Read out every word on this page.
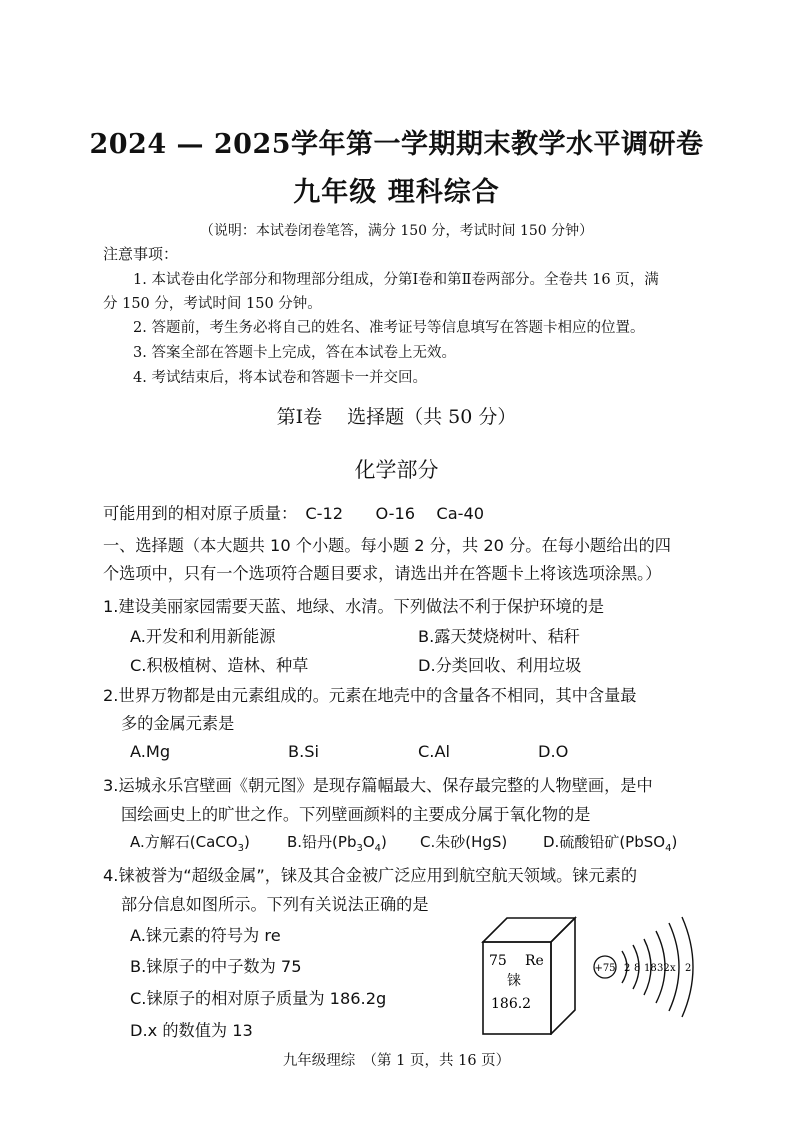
2024 — 2025学年第一学期期末教学水平调研卷
九年级 理科综合
（说明：本试卷闭卷笔答，满分 150 分，考试时间 150 分钟）
注意事项：
1. 本试卷由化学部分和物理部分组成，分第Ⅰ卷和第Ⅱ卷两部分。全卷共 16 页，满
分 150 分，考试时间 150 分钟。
2. 答题前，考生务必将自己的姓名、准考证号等信息填写在答题卡相应的位置。
3. 答案全部在答题卡上完成，答在本试卷上无效。
4. 考试结束后，将本试卷和答题卡一并交回。
第Ⅰ卷　 选择题（共 50 分）
化学部分
可能用到的相对原子质量：　C-12　　O-16　 Ca-40
一、选择题（本大题共 10 个小题。每小题 2 分，共 20 分。在每小题给出的四
个选项中，只有一个选项符合题目要求，请选出并在答题卡上将该选项涂黑。）
1.建设美丽家园需要天蓝、地绿、水清。下列做法不利于保护环境的是
A.开发和利用新能源	B.露天焚烧树叶、秸秆
C.积极植树、造林、种草	D.分类回收、利用垃圾
2.世界万物都是由元素组成的。元素在地壳中的含量各不相同，其中含量最
多的金属元素是
A.Mg	B.Si	C.Al	D.O
3.运城永乐宫壁画《朝元图》是现存篇幅最大、保存最完整的人物壁画，是中
国绘画史上的旷世之作。下列壁画颜料的主要成分属于氧化物的是
A.方解石(CaCO$_3$) B.铅丹$(Pb_3O_4)$ C.朱砂(HgS) D.硫酸铅矿(PbSO$_4$)
4.铼被誉为“超级金属”，铼及其合金被广泛应用到航空航天领域。铼元素的
部分信息如图所示。下列有关说法正确的是
A.铼元素的符号为 re
B.铼原子的中子数为 75
C.铼原子的相对原子质量为 186.2g
D.x 的数值为 13
75 Re
铼
186.2
+75 2 8 18 32 x 2
九年级理综　（第 1 页，共 16 页）
